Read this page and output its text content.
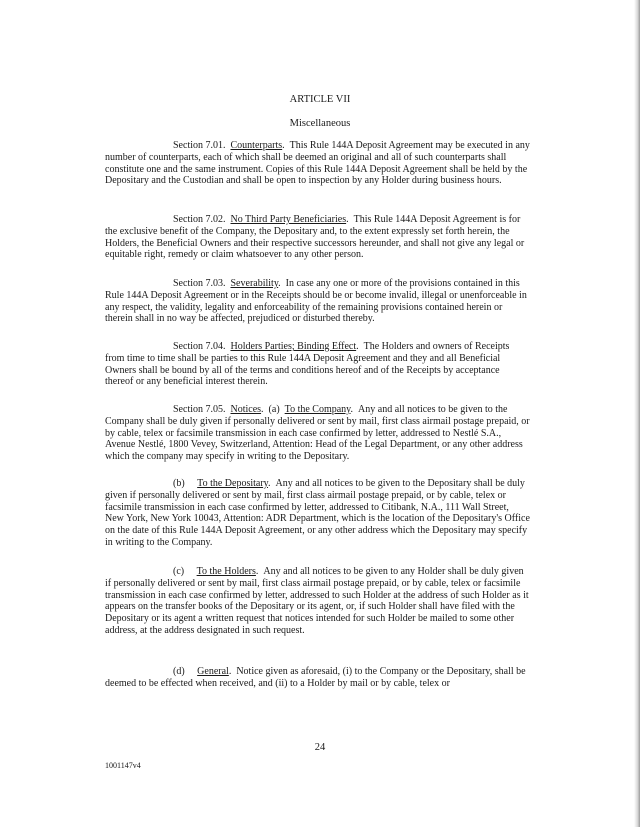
ARTICLE VII
Miscellaneous

Section 7.01. Counterparts. This Rule 144A Deposit Agreement may be executed in any number of counterparts, each of which shall be deemed an original and all of such counterparts shall constitute one and the same instrument. Copies of this Rule 144A Deposit Agreement shall be held by the Depositary and the Custodian and shall be open to inspection by any Holder during business hours.

Section 7.02. No Third Party Beneficiaries. This Rule 144A Deposit Agreement is for the exclusive benefit of the Company, the Depositary and, to the extent expressly set forth herein, the Holders, the Beneficial Owners and their respective successors hereunder, and shall not give any legal or equitable right, remedy or claim whatsoever to any other person.

Section 7.03. Severability. In case any one or more of the provisions contained in this Rule 144A Deposit Agreement or in the Receipts should be or become invalid, illegal or unenforceable in any respect, the validity, legality and enforceability of the remaining provisions contained herein or therein shall in no way be affected, prejudiced or disturbed thereby.

Section 7.04. Holders Parties; Binding Effect. The Holders and owners of Receipts from time to time shall be parties to this Rule 144A Deposit Agreement and they and all Beneficial Owners shall be bound by all of the terms and conditions hereof and of the Receipts by acceptance thereof or any beneficial interest therein.

Section 7.05. Notices. (a) To the Company. Any and all notices to be given to the Company shall be duly given if personally delivered or sent by mail, first class airmail postage prepaid, or by cable, telex or facsimile transmission in each case confirmed by letter, addressed to Nestlé S.A., Avenue Nestlé, 1800 Vevey, Switzerland, Attention: Head of the Legal Department, or any other address which the company may specify in writing to the Depositary.

(b) To the Depositary. Any and all notices to be given to the Depositary shall be duly given if personally delivered or sent by mail, first class airmail postage prepaid, or by cable, telex or facsimile transmission in each case confirmed by letter, addressed to Citibank, N.A., 111 Wall Street, New York, New York 10043, Attention: ADR Department, which is the location of the Depositary's Office on the date of this Rule 144A Deposit Agreement, or any other address which the Depositary may specify in writing to the Company.

(c) To the Holders. Any and all notices to be given to any Holder shall be duly given if personally delivered or sent by mail, first class airmail postage prepaid, or by cable, telex or facsimile transmission in each case confirmed by letter, addressed to such Holder at the address of such Holder as it appears on the transfer books of the Depositary or its agent, or, if such Holder shall have filed with the Depositary or its agent a written request that notices intended for such Holder be mailed to some other address, at the address designated in such request.

(d) General. Notice given as aforesaid, (i) to the Company or the Depositary, shall be deemed to be effected when received, and (ii) to a Holder by mail or by cable, telex or

24
1001147v4
